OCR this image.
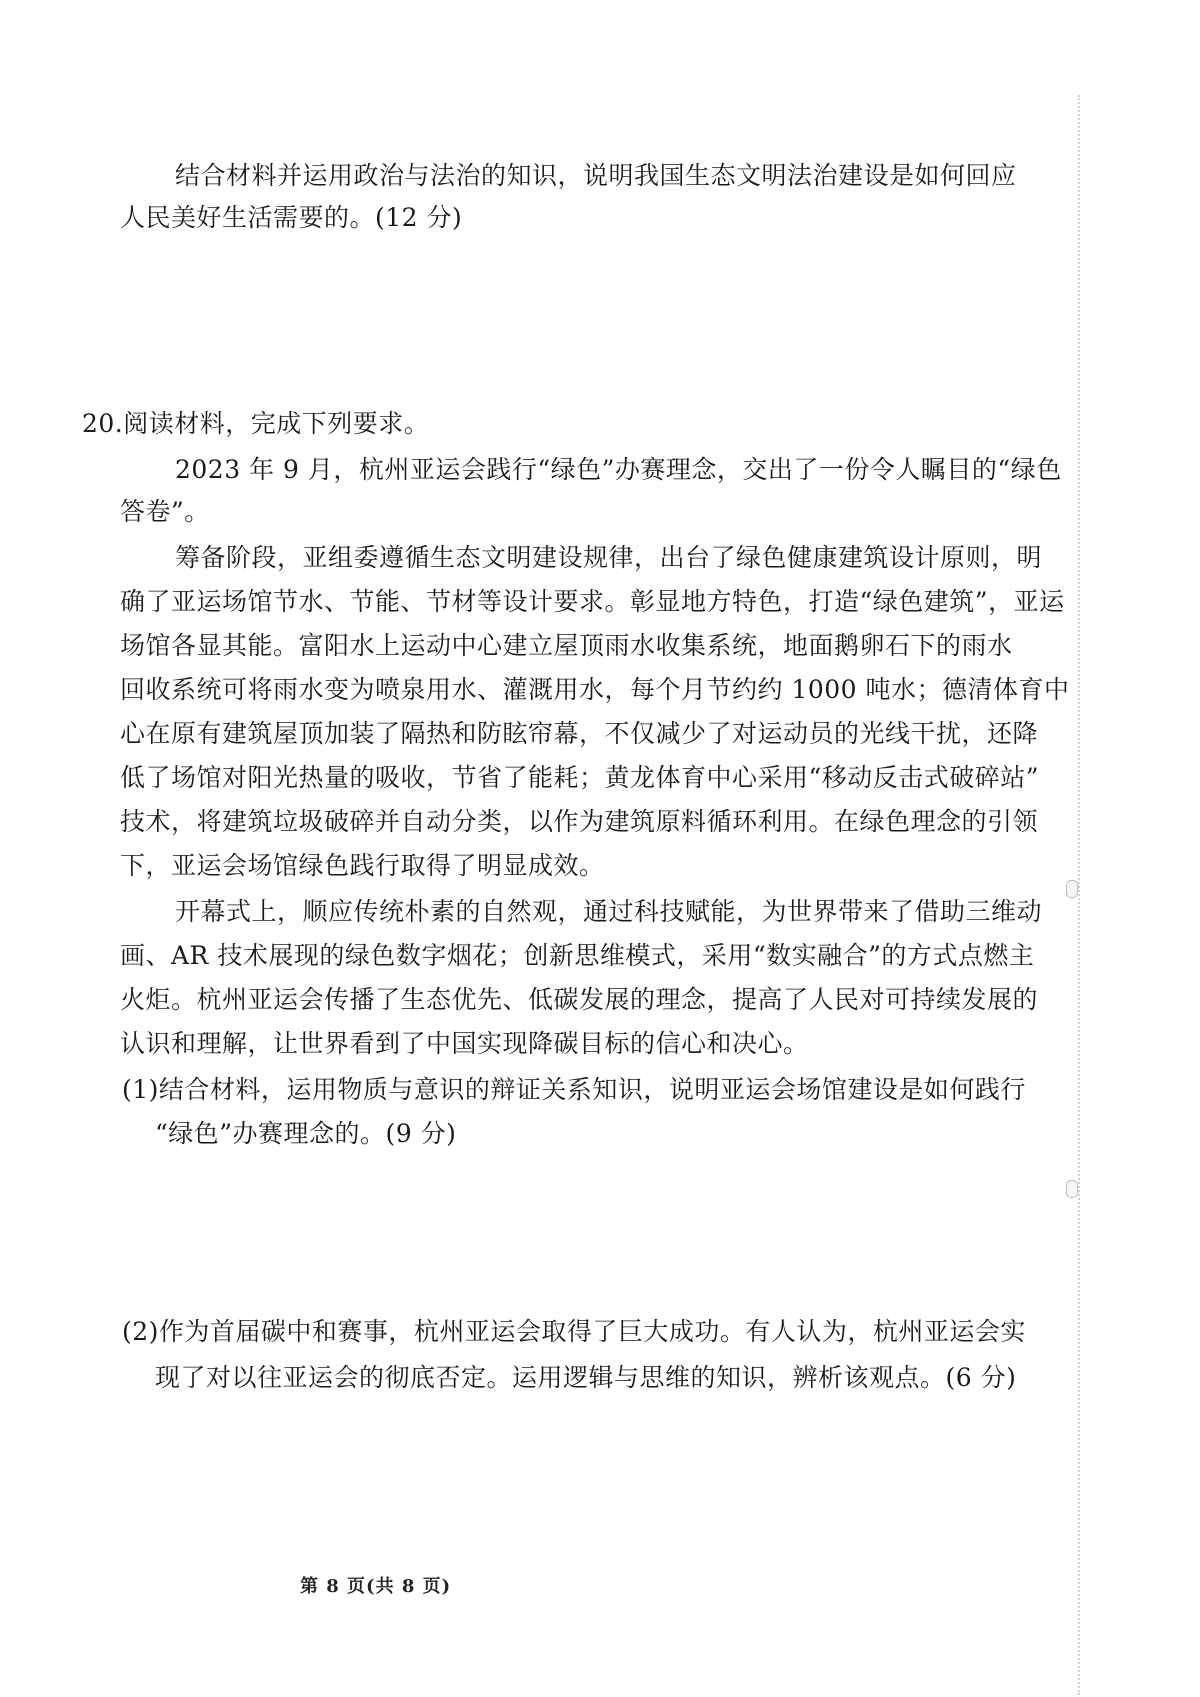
结合材料并运用政治与法治的知识，说明我国生态文明法治建设是如何回应
人民美好生活需要的。(12 分)
20.阅读材料，完成下列要求。
2023 年 9 月，杭州亚运会践行“绿色”办赛理念，交出了一份令人瞩目的“绿色
答卷”。
筹备阶段，亚组委遵循生态文明建设规律，出台了绿色健康建筑设计原则，明
确了亚运场馆节水、节能、节材等设计要求。彰显地方特色，打造“绿色建筑”，亚运
场馆各显其能。富阳水上运动中心建立屋顶雨水收集系统，地面鹅卵石下的雨水
回收系统可将雨水变为喷泉用水、灌溉用水，每个月节约约 1000 吨水；德清体育中
心在原有建筑屋顶加装了隔热和防眩帘幕，不仅减少了对运动员的光线干扰，还降
低了场馆对阳光热量的吸收，节省了能耗；黄龙体育中心采用“移动反击式破碎站”
技术，将建筑垃圾破碎并自动分类，以作为建筑原料循环利用。在绿色理念的引领
下，亚运会场馆绿色践行取得了明显成效。
开幕式上，顺应传统朴素的自然观，通过科技赋能，为世界带来了借助三维动
画、AR 技术展现的绿色数字烟花；创新思维模式，采用“数实融合”的方式点燃主
火炬。杭州亚运会传播了生态优先、低碳发展的理念，提高了人民对可持续发展的
认识和理解，让世界看到了中国实现降碳目标的信心和决心。
(1)结合材料，运用物质与意识的辩证关系知识，说明亚运会场馆建设是如何践行
“绿色”办赛理念的。(9 分)
(2)作为首届碳中和赛事，杭州亚运会取得了巨大成功。有人认为，杭州亚运会实
现了对以往亚运会的彻底否定。运用逻辑与思维的知识，辨析该观点。(6 分)
第 8 页(共 8 页)
